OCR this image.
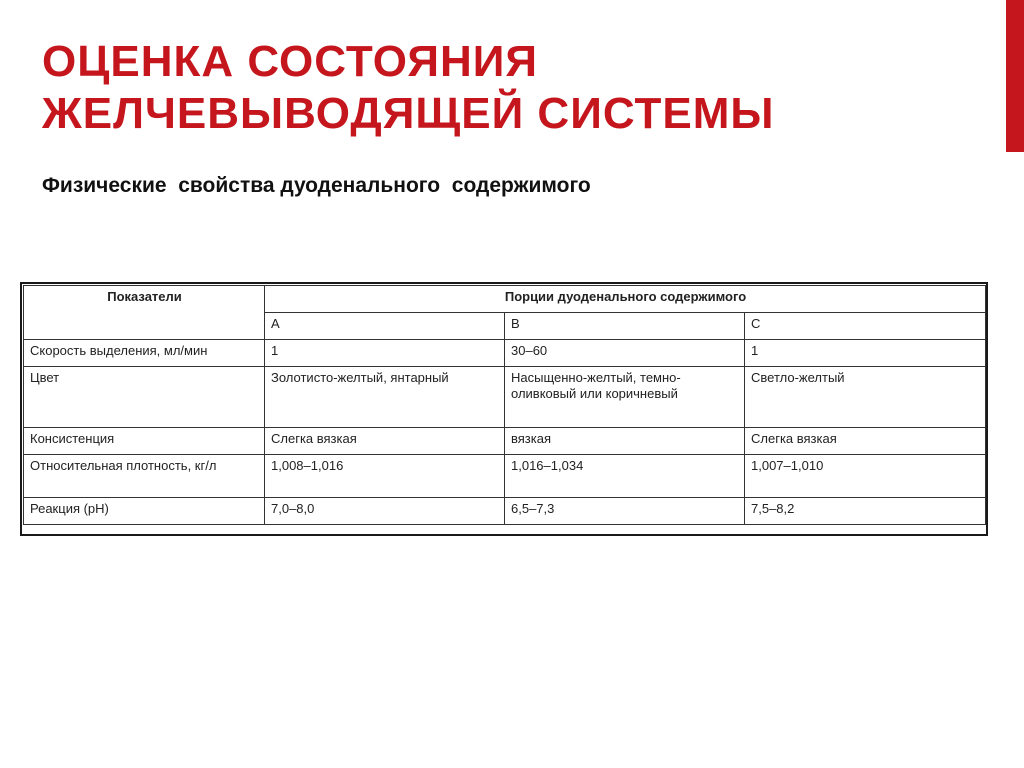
ОЦЕНКА СОСТОЯНИЯ
ЖЕЛЧЕВЫВОДЯЩЕЙ СИСТЕМЫ

Физические  свойства дуоденального  содержимого

Показатели	Порции дуоденального содержимого		
	A	B	C
Скорость выделения, мл/мин	1	30–60	1
Цвет	Золотисто-желтый, янтарный	Насыщенно-желтый, темно-оливковый или коричневый	Светло-желтый
Консистенция	Слегка вязкая	вязкая	Слегка вязкая
Относительная плотность, кг/л	1,008–1,016	1,016–1,034	1,007–1,010
Реакция (pH)	7,0–8,0	6,5–7,3	7,5–8,2
